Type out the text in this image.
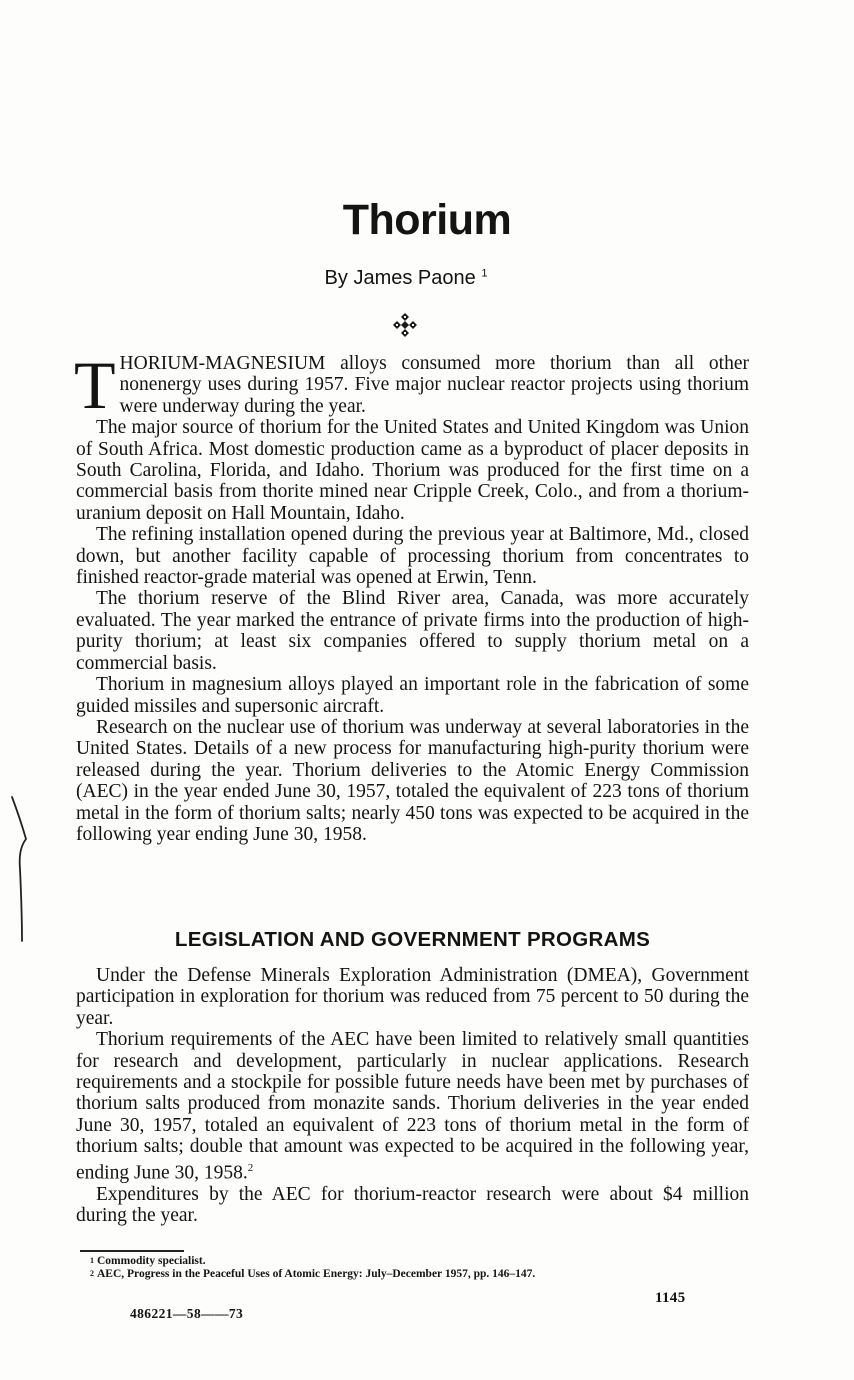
Thorium
By James Paone $^1$

THORIUM-MAGNESIUM alloys consumed more thorium than all other nonenergy uses during 1957. Five major nuclear reactor projects using thorium were underway during the year.

The major source of thorium for the United States and United Kingdom was Union of South Africa. Most domestic production came as a byproduct of placer deposits in South Carolina, Florida, and Idaho. Thorium was produced for the first time on a commercial basis from thorite mined near Cripple Creek, Colo., and from a thorium-uranium deposit on Hall Mountain, Idaho.

The refining installation opened during the previous year at Baltimore, Md., closed down, but another facility capable of processing thorium from concentrates to finished reactor-grade material was opened at Erwin, Tenn.

The thorium reserve of the Blind River area, Canada, was more accurately evaluated. The year marked the entrance of private firms into the production of high-purity thorium; at least six companies offered to supply thorium metal on a commercial basis.

Thorium in magnesium alloys played an important role in the fabrication of some guided missiles and supersonic aircraft.

Research on the nuclear use of thorium was underway at several laboratories in the United States. Details of a new process for manufacturing high-purity thorium were released during the year. Thorium deliveries to the Atomic Energy Commission (AEC) in the year ended June 30, 1957, totaled the equivalent of 223 tons of thorium metal in the form of thorium salts; nearly 450 tons was expected to be acquired in the following year ending June 30, 1958.

LEGISLATION AND GOVERNMENT PROGRAMS

Under the Defense Minerals Exploration Administration (DMEA), Government participation in exploration for thorium was reduced from 75 percent to 50 during the year.

Thorium requirements of the AEC have been limited to relatively small quantities for research and development, particularly in nuclear applications. Research requirements and a stockpile for possible future needs have been met by purchases of thorium salts produced from monazite sands. Thorium deliveries in the year ended June 30, 1957, totaled an equivalent of 223 tons of thorium metal in the form of thorium salts; double that amount was expected to be acquired in the following year, ending June 30, 1958.$^2$

Expenditures by the AEC for thorium-reactor research were about $4 million during the year.

1 Commodity specialist.
2 AEC, Progress in the Peaceful Uses of Atomic Energy: July–December 1957, pp. 146–147.
1145
486221—58——73
